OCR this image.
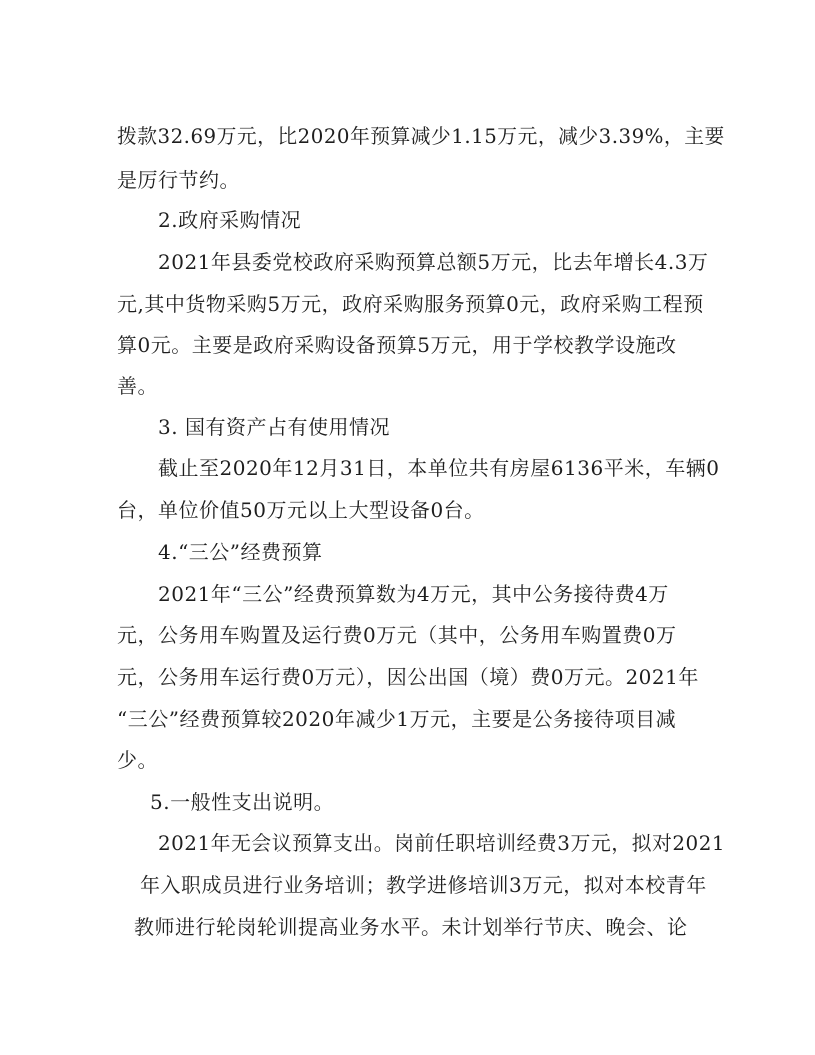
拨款32.69万元，比2020年预算减少1.15万元，减少3.39%，主要
是厉行节约。
2.政府采购情况
2021年县委党校政府采购预算总额5万元，比去年增长4.3万
元,其中货物采购5万元，政府采购服务预算0元，政府采购工程预
算0元。主要是政府采购设备预算5万元，用于学校教学设施改
善。
3. 国有资产占有使用情况
截止至2020年12月31日，本单位共有房屋6136平米，车辆0
台，单位价值50万元以上大型设备0台。
4.“三公”经费预算
2021年“三公”经费预算数为4万元，其中公务接待费4万
元，公务用车购置及运行费0万元（其中，公务用车购置费0万
元，公务用车运行费0万元），因公出国（境）费0万元。2021年
“三公”经费预算较2020年减少1万元，主要是公务接待项目减
少。
5.一般性支出说明。
2021年无会议预算支出。岗前任职培训经费3万元，拟对2021
年入职成员进行业务培训；教学进修培训3万元，拟对本校青年
教师进行轮岗轮训提高业务水平。未计划举行节庆、晚会、论
